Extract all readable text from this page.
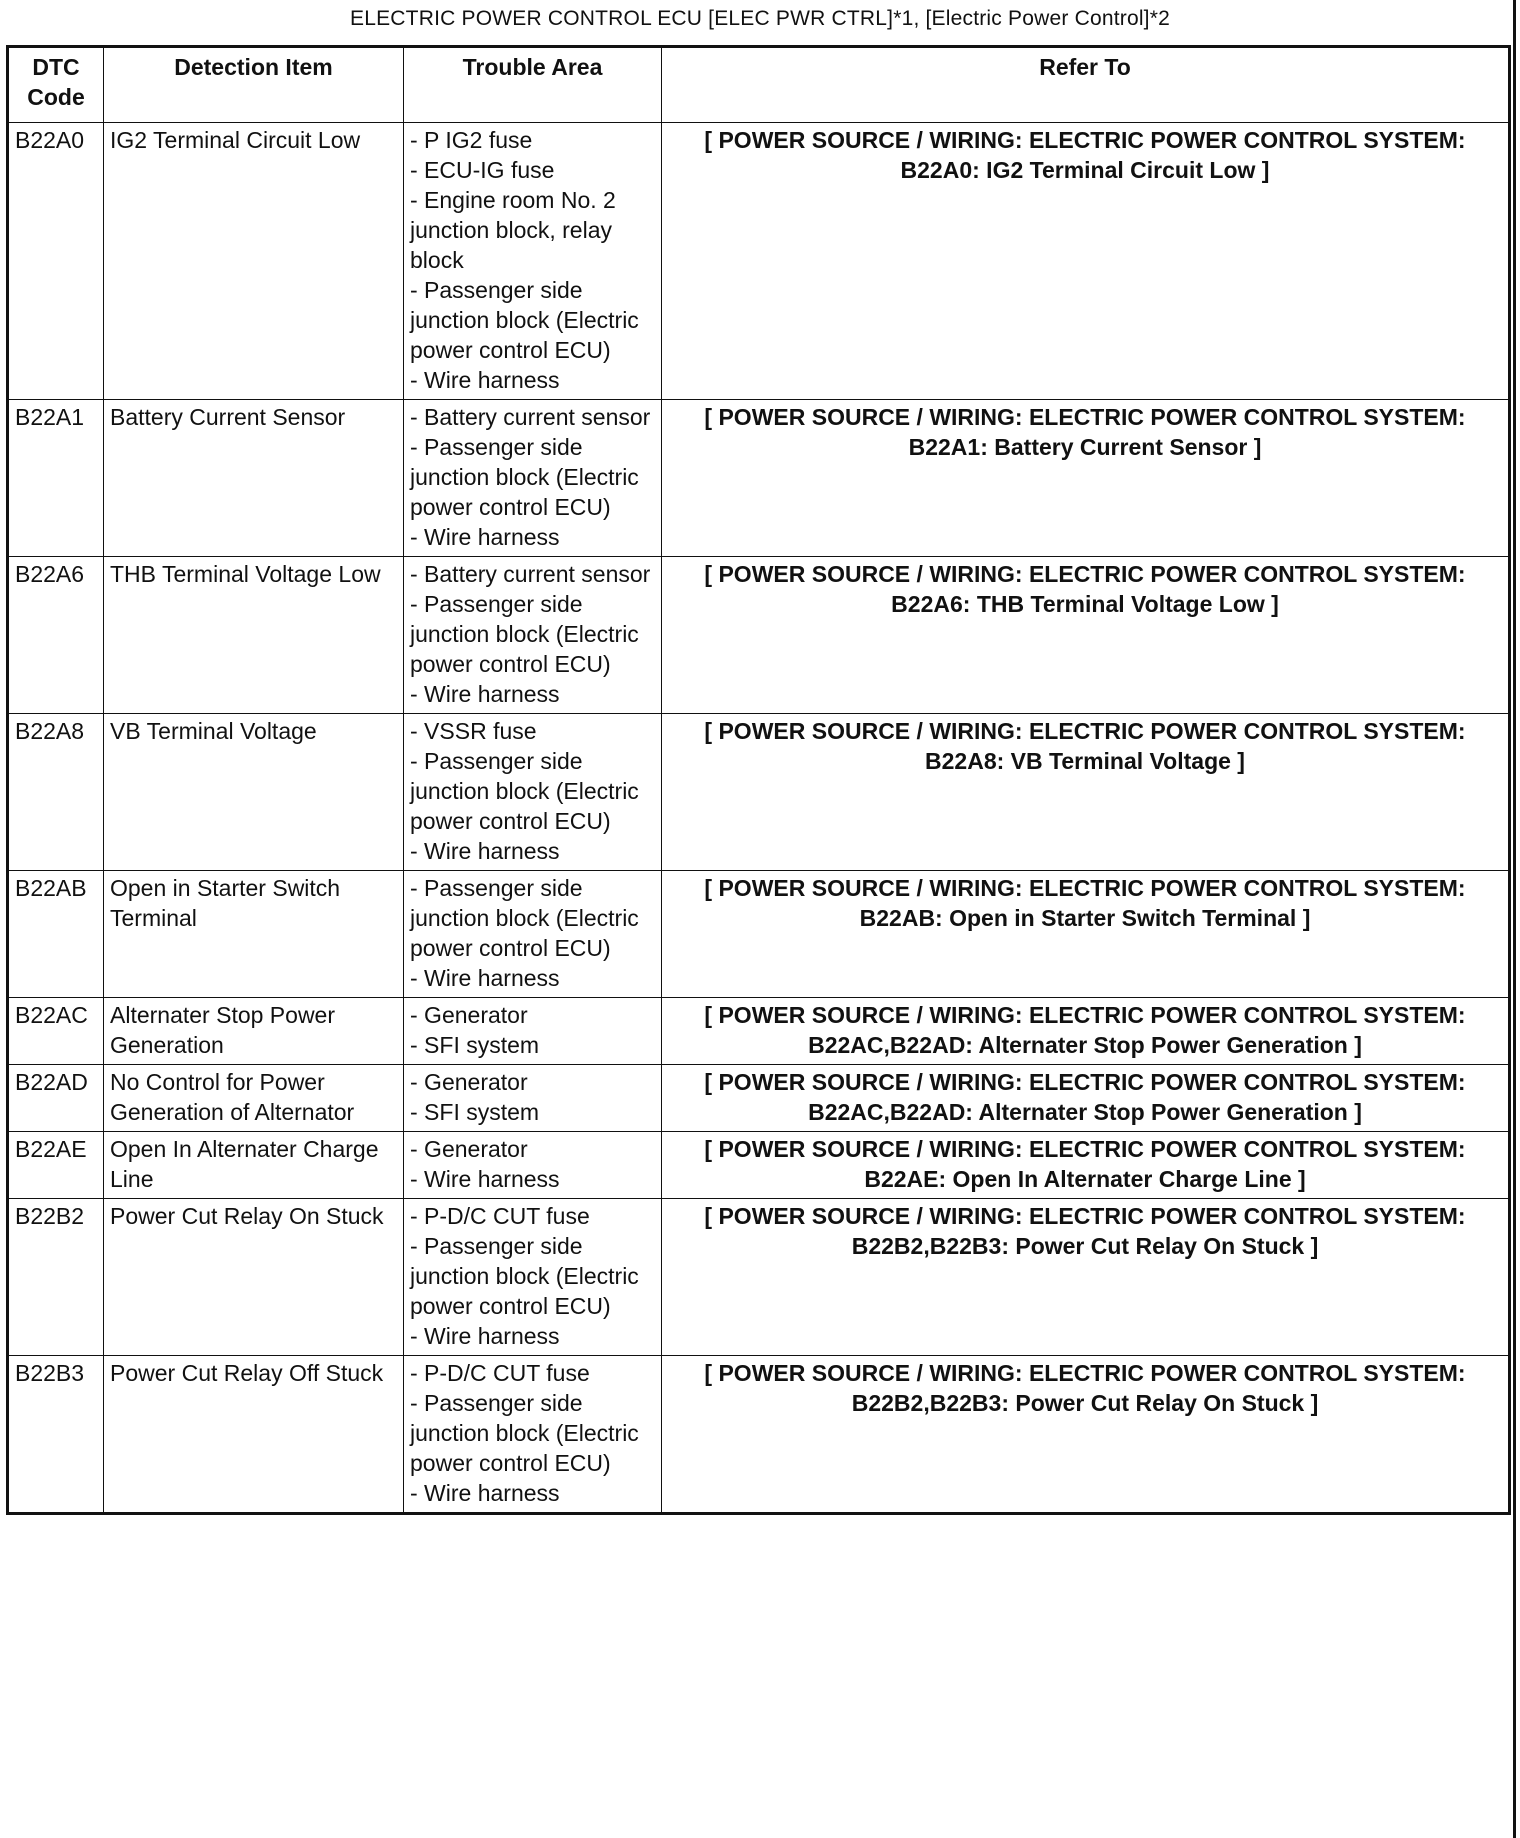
ELECTRIC POWER CONTROL ECU [ELEC PWR CTRL]*1, [Electric Power Control]*2
DTC Code	Detection Item	Trouble Area	Refer To
B22A0	IG2 Terminal Circuit Low	- P IG2 fuse
- ECU-IG fuse
- Engine room No. 2 junction block, relay block
- Passenger side junction block (Electric power control ECU)
- Wire harness	[ POWER SOURCE / WIRING: ELECTRIC POWER CONTROL SYSTEM:
B22A0: IG2 Terminal Circuit Low ]

B22A1	Battery Current Sensor	- Battery current sensor
- Passenger side junction block (Electric power control ECU)
- Wire harness	[ POWER SOURCE / WIRING: ELECTRIC POWER CONTROL SYSTEM:
B22A1: Battery Current Sensor ]

B22A6	THB Terminal Voltage Low	- Battery current sensor
- Passenger side junction block (Electric power control ECU)
- Wire harness	[ POWER SOURCE / WIRING: ELECTRIC POWER CONTROL SYSTEM:
B22A6: THB Terminal Voltage Low ]

B22A8	VB Terminal Voltage	- VSSR fuse
- Passenger side junction block (Electric power control ECU)
- Wire harness	[ POWER SOURCE / WIRING: ELECTRIC POWER CONTROL SYSTEM:
B22A8: VB Terminal Voltage ]

B22AB	Open in Starter Switch Terminal	- Passenger side junction block (Electric power control ECU)
- Wire harness	[ POWER SOURCE / WIRING: ELECTRIC POWER CONTROL SYSTEM:
B22AB: Open in Starter Switch Terminal ]

B22AC	Alternater Stop Power Generation	- Generator
- SFI system	[ POWER SOURCE / WIRING: ELECTRIC POWER CONTROL SYSTEM:
B22AC,B22AD: Alternater Stop Power Generation ]

B22AD	No Control for Power Generation of Alternator	- Generator
- SFI system	[ POWER SOURCE / WIRING: ELECTRIC POWER CONTROL SYSTEM:
B22AC,B22AD: Alternater Stop Power Generation ]

B22AE	Open In Alternater Charge Line	- Generator
- Wire harness	[ POWER SOURCE / WIRING: ELECTRIC POWER CONTROL SYSTEM:
B22AE: Open In Alternater Charge Line ]

B22B2	Power Cut Relay On Stuck	- P-D/C CUT fuse
- Passenger side junction block (Electric power control ECU)
- Wire harness	[ POWER SOURCE / WIRING: ELECTRIC POWER CONTROL SYSTEM:
B22B2,B22B3: Power Cut Relay On Stuck ]

B22B3	Power Cut Relay Off Stuck	- P-D/C CUT fuse
- Passenger side junction block (Electric power control ECU)
- Wire harness	[ POWER SOURCE / WIRING: ELECTRIC POWER CONTROL SYSTEM:
B22B2,B22B3: Power Cut Relay On Stuck ]
